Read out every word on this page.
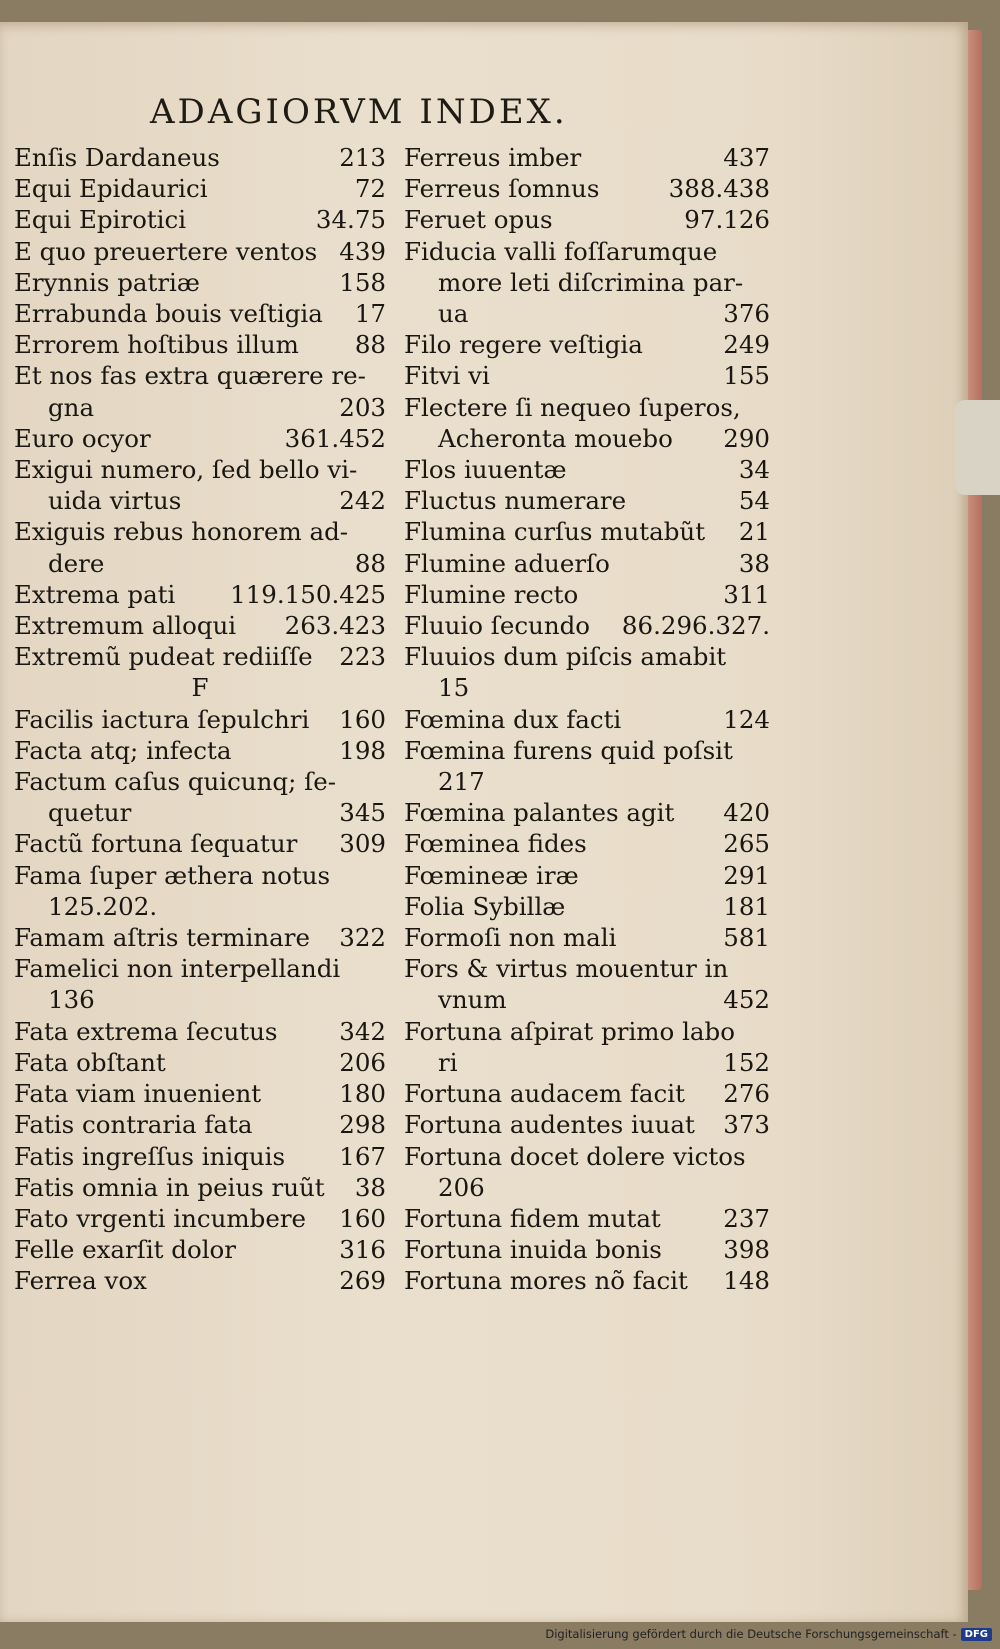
ADAGIORVM INDEX.
Enſis Dardaneus	213
Equi Epidaurici	72
Equi Epirotici	34.75
E quo preuertere ventos 439
Erynnis patriæ	158
Errabunda bouis veſtigia	17
Errorem hoſtibus illum	88
Et nos fas extra quærere re-
gna	203
Euro ocyor	361.452
Exigui numero, ſed bello vi-
uida virtus	242
Exiguis rebus honorem ad-
dere	88
Extrema pati	119.150.425
Extremum alloqui	263.423
Extremũ pudeat rediiſſe	223
F
Facilis iactura ſepulchri	160
Facta atq; infecta	198
Factum caſus quicunq; ſe-
quetur	345
Factũ fortuna ſequatur	309
Fama ſuper æthera notus
125.202.
Famam aſtris terminare	322
Famelici non interpellandi
136
Fata extrema ſecutus	342
Fata obſtant	206
Fata viam inuenient	180
Fatis contraria fata	298
Fatis ingreſſus iniquis	167
Fatis omnia in peius ruũt	38
Fato vrgenti incumbere	160
Felle exarſit dolor	316
Ferrea vox	269
Ferreus imber	437
Ferreus ſomnus	388.438
Feruet opus	97.126
Fiducia valli foſſarumque
more leti diſcrimina par-
ua	376
Filo regere veſtigia	249
Fitvi vi	155
Flectere ſi nequeo ſuperos,
Acheronta mouebo	290
Flos iuuentæ	34
Fluctus numerare	54
Flumina curſus mutabũt	21
Flumine aduerſo	38
Flumine recto	311
Fluuio ſecundo	86.296.327.
Fluuios dum piſcis amabit
15
Fœmina dux facti	124
Fœmina furens quid poſsit
217
Fœmina palantes agit	420
Fœminea fides	265
Fœmineæ iræ	291
Folia Sybillæ	181
Formoſi non mali	581
Fors & virtus mouentur in
vnum	452
Fortuna aſpirat primo labo
ri	152
Fortuna audacem facit	276
Fortuna audentes iuuat	373
Fortuna docet dolere victos
206
Fortuna fidem mutat	237
Fortuna inuida bonis	398
Fortuna mores nõ facit	148
Digitalisierung gefördert durch die Deutsche Forschungsgemeinschaft - DFG
